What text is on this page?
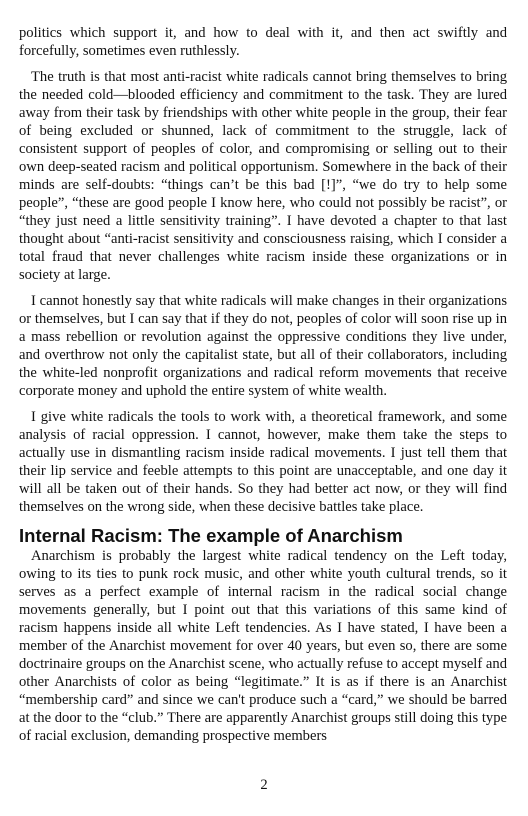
politics which support it, and how to deal with it, and then act swiftly and forcefully, sometimes even ruthlessly.

The truth is that most anti-racist white radicals cannot bring themselves to bring the needed cold—blooded efficiency and commitment to the task. They are lured away from their task by friendships with other white people in the group, their fear of being excluded or shunned, lack of commitment to the struggle, lack of consistent support of peoples of color, and compromising or selling out to their own deep-seated racism and political opportunism. Somewhere in the back of their minds are self-doubts: “things can’t be this bad [!]”, “we do try to help some people”, “these are good people I know here, who could not possibly be racist”, or “they just need a little sensitivity training”. I have devoted a chapter to that last thought about “anti-racist sensitivity and consciousness raising, which I consider a total fraud that never challenges white racism inside these organizations or in society at large.

I cannot honestly say that white radicals will make changes in their organizations or themselves, but I can say that if they do not, peoples of color will soon rise up in a mass rebellion or revolution against the oppressive conditions they live under, and overthrow not only the capitalist state, but all of their collaborators, including the white-led nonprofit organizations and radical reform movements that receive corporate money and uphold the entire system of white wealth.

I give white radicals the tools to work with, a theoretical framework, and some analysis of racial oppression. I cannot, however, make them take the steps to actually use in dismantling racism inside radical movements. I just tell them that their lip service and feeble attempts to this point are unacceptable, and one day it will all be taken out of their hands. So they had better act now, or they will find themselves on the wrong side, when these decisive battles take place.

Internal Racism: The example of Anarchism

Anarchism is probably the largest white radical tendency on the Left today, owing to its ties to punk rock music, and other white youth cultural trends, so it serves as a perfect example of internal racism in the radical social change movements generally, but I point out that this variations of this same kind of racism happens inside all white Left tendencies. As I have stated, I have been a member of the Anarchist movement for over 40 years, but even so, there are some doctrinaire groups on the Anarchist scene, who actually refuse to accept myself and other Anarchists of color as being “legitimate.” It is as if there is an Anarchist “membership card” and since we can't produce such a “card,” we should be barred at the door to the “club.” There are apparently Anarchist groups still doing this type of racial exclusion, demanding prospective members

2
